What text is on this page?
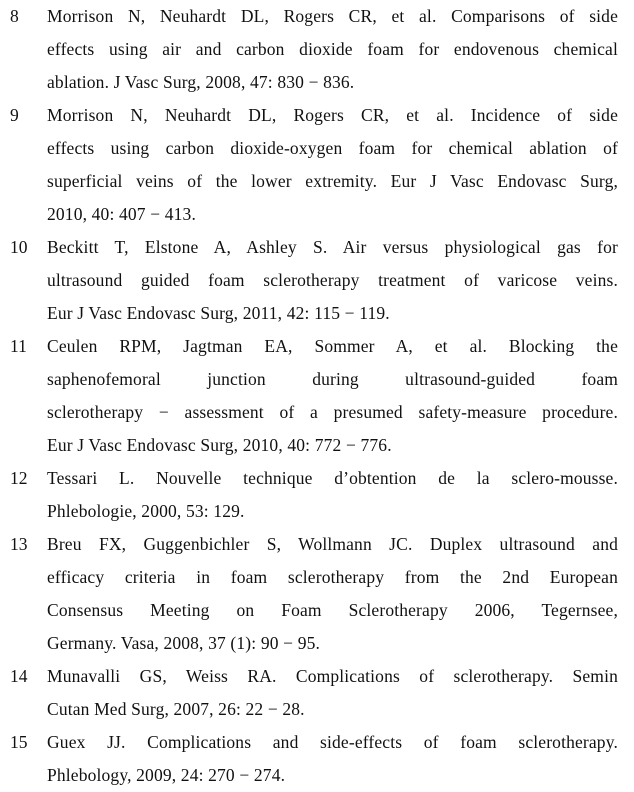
8 Morrison N, Neuhardt DL, Rogers CR, et al. Comparisons of side
effects using air and carbon dioxide foam for endovenous chemical
ablation. J Vasc Surg, 2008, 47: 830 − 836.
9 Morrison N, Neuhardt DL, Rogers CR, et al. Incidence of side
effects using carbon dioxide-oxygen foam for chemical ablation of
superficial veins of the lower extremity. Eur J Vasc Endovasc Surg,
2010, 40: 407 − 413.
10 Beckitt T, Elstone A, Ashley S. Air versus physiological gas for
ultrasound guided foam sclerotherapy treatment of varicose veins.
Eur J Vasc Endovasc Surg, 2011, 42: 115 − 119.
11 Ceulen RPM, Jagtman EA, Sommer A, et al. Blocking the
saphenofemoral junction during ultrasound-guided foam
sclerotherapy − assessment of a presumed safety-measure procedure.
Eur J Vasc Endovasc Surg, 2010, 40: 772 − 776.
12 Tessari L. Nouvelle technique d’obtention de la sclero-mousse.
Phlebologie, 2000, 53: 129.
13 Breu FX, Guggenbichler S, Wollmann JC. Duplex ultrasound and
efficacy criteria in foam sclerotherapy from the 2nd European
Consensus Meeting on Foam Sclerotherapy 2006, Tegernsee,
Germany. Vasa, 2008, 37 (1): 90 − 95.
14 Munavalli GS, Weiss RA. Complications of sclerotherapy. Semin
Cutan Med Surg, 2007, 26: 22 − 28.
15 Guex JJ. Complications and side-effects of foam sclerotherapy.
Phlebology, 2009, 24: 270 − 274.
